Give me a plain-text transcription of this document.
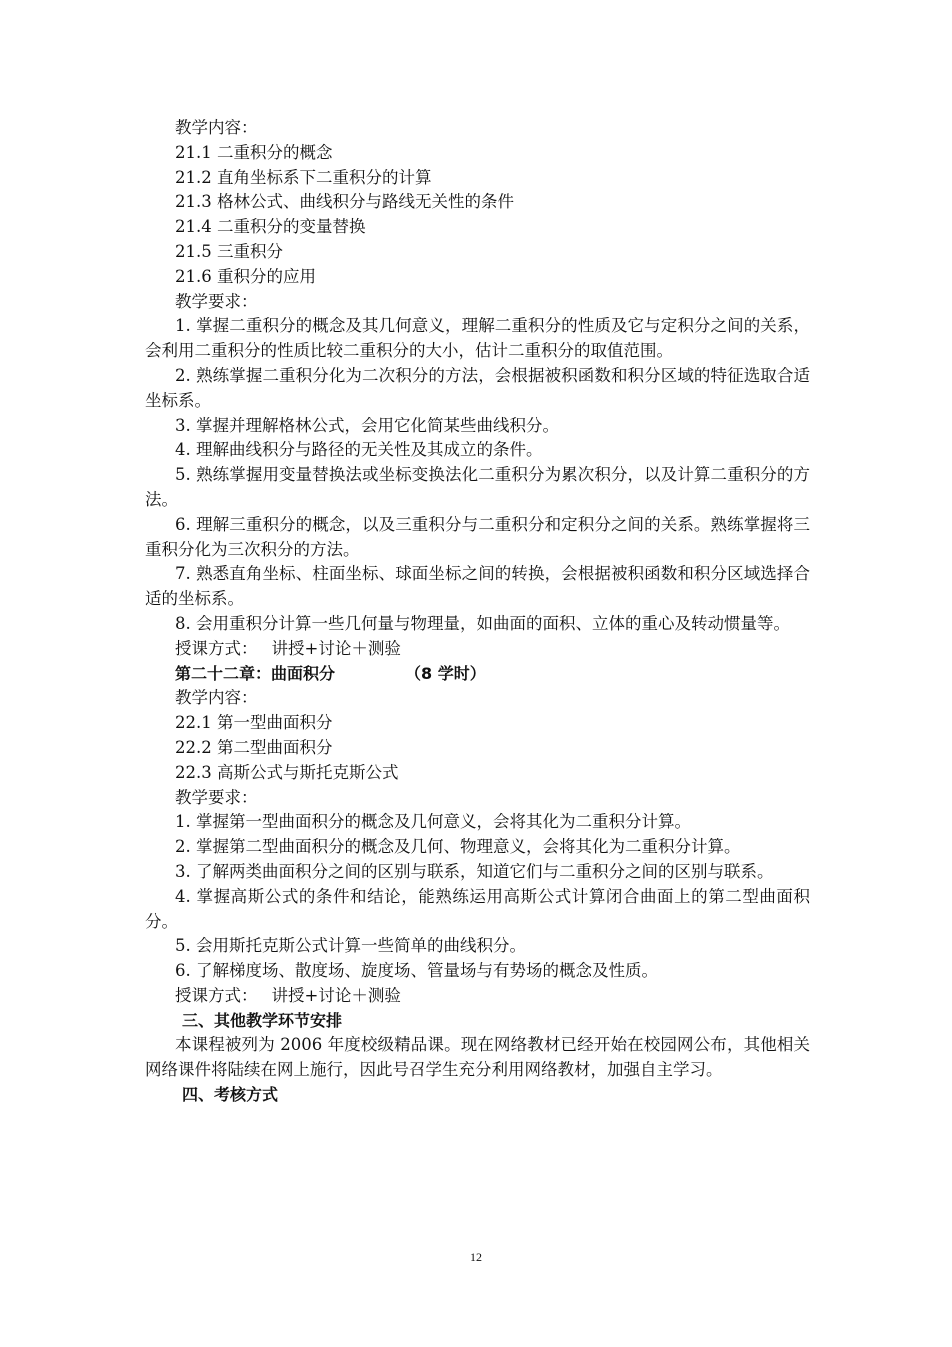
教学内容：
21.1 二重积分的概念
21.2 直角坐标系下二重积分的计算
21.3 格林公式、曲线积分与路线无关性的条件
21.4 二重积分的变量替换
21.5 三重积分
21.6 重积分的应用
教学要求：
1. 掌握二重积分的概念及其几何意义，理解二重积分的性质及它与定积分之间的关系，会利用二重积分的性质比较二重积分的大小，估计二重积分的取值范围。
2. 熟练掌握二重积分化为二次积分的方法，会根据被积函数和积分区域的特征选取合适坐标系。
3. 掌握并理解格林公式，会用它化简某些曲线积分。
4. 理解曲线积分与路径的无关性及其成立的条件。
5. 熟练掌握用变量替换法或坐标变换法化二重积分为累次积分，以及计算二重积分的方法。
6. 理解三重积分的概念，以及三重积分与二重积分和定积分之间的关系。熟练掌握将三重积分化为三次积分的方法。
7. 熟悉直角坐标、柱面坐标、球面坐标之间的转换，会根据被积函数和积分区域选择合适的坐标系。
8. 会用重积分计算一些几何量与物理量，如曲面的面积、立体的重心及转动惯量等。
授课方式： 讲授+讨论＋测验
第二十二章：曲面积分	（8 学时）
教学内容：
22.1 第一型曲面积分
22.2 第二型曲面积分
22.3 高斯公式与斯托克斯公式
教学要求：
1. 掌握第一型曲面积分的概念及几何意义，会将其化为二重积分计算。
2. 掌握第二型曲面积分的概念及几何、物理意义，会将其化为二重积分计算。
3. 了解两类曲面积分之间的区别与联系，知道它们与二重积分之间的区别与联系。
4. 掌握高斯公式的条件和结论，能熟练运用高斯公式计算闭合曲面上的第二型曲面积分。
5. 会用斯托克斯公式计算一些简单的曲线积分。
6. 了解梯度场、散度场、旋度场、管量场与有势场的概念及性质。
授课方式： 讲授+讨论＋测验
三、其他教学环节安排
本课程被列为 2006 年度校级精品课。现在网络教材已经开始在校园网公布，其他相关网络课件将陆续在网上施行，因此号召学生充分利用网络教材，加强自主学习。
四、考核方式
12
